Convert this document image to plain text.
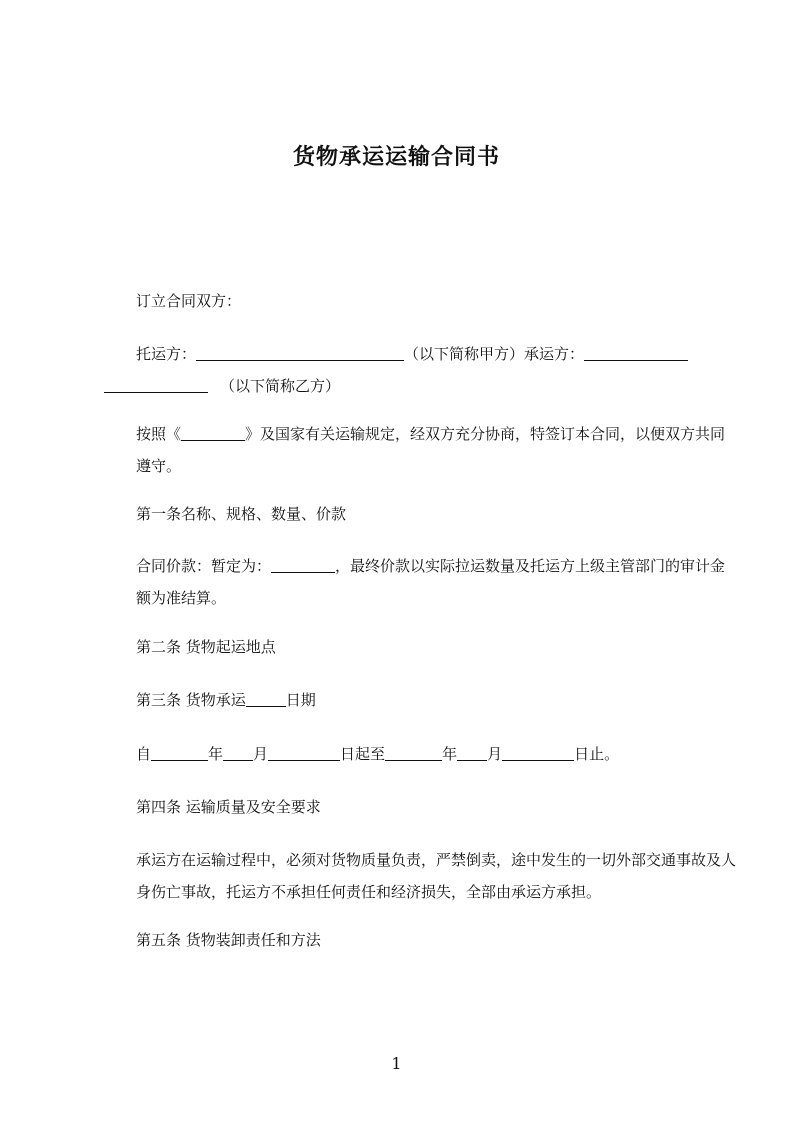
货物承运运输合同书

订立合同双方：

托运方：	（以下简称甲方）承运方：
（以下简称乙方）

按照《	》及国家有关运输规定，经双方充分协商，特签订本合同，以便双方共同遵守。

第一条名称、规格、数量、价款

合同价款：暂定为：	，最终价款以实际拉运数量及托运方上级主管部门的审计金额为准结算。

第二条 货物起运地点

第三条 货物承运	日期

自	年 月	日起至	年 月	日止。

第四条 运输质量及安全要求

承运方在运输过程中，必须对货物质量负责，严禁倒卖，途中发生的一切外部交通事故及人身伤亡事故，托运方不承担任何责任和经济损失，全部由承运方承担。

第五条 货物装卸责任和方法

1
